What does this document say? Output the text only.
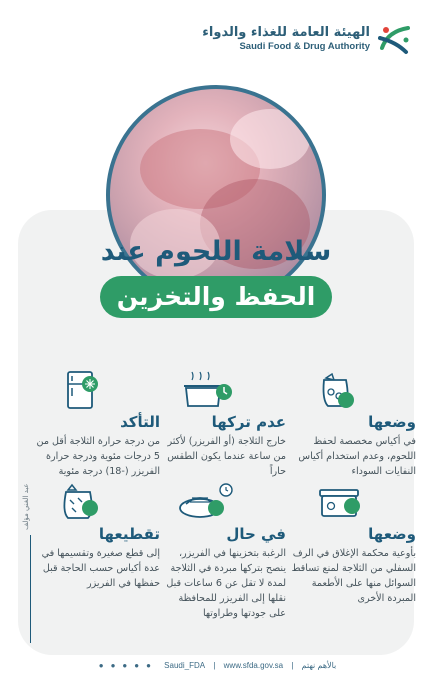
الهيئة العامة للغذاء والدواء
Saudi Food & Drug Authority
سلامة اللحوم عند
الحفظ والتخزين
وضعها

في أكياس مخصصة لحفظ اللحوم، وعدم استخدام أكياس النفايات السوداء

عدم تركها

خارج الثلاجة (أو الفريزر) لأكثر من ساعة عندما يكون الطقس حاراً

التأكد

من درجة حرارة الثلاجة أقل من 5 درجات مئوية ودرجة حرارة الفريزر (-18) درجة مئوية

وضعها

بأوعية محكمة الإغلاق في الرف السفلي من الثلاجة لمنع تساقط السوائل منها على الأطعمة المبردة الأخرى

في حال

الرغبة بتخزينها في الفريزر، ينصح بتركها مبردة في الثلاجة لمدة لا تقل عن 6 ساعات قبل نقلها إلى الفريزر للمحافظة على جودتها وطراوتها

تقطيعها

إلى قطع صغيرة وتقسيمها في عدة أكياس حسب الحاجة قبل حفظها في الفريزر

عبد الغني مؤلف
● ● ● ● ● Saudi_FDA | www.sfda.gov.sa | بالأهم نهتم
